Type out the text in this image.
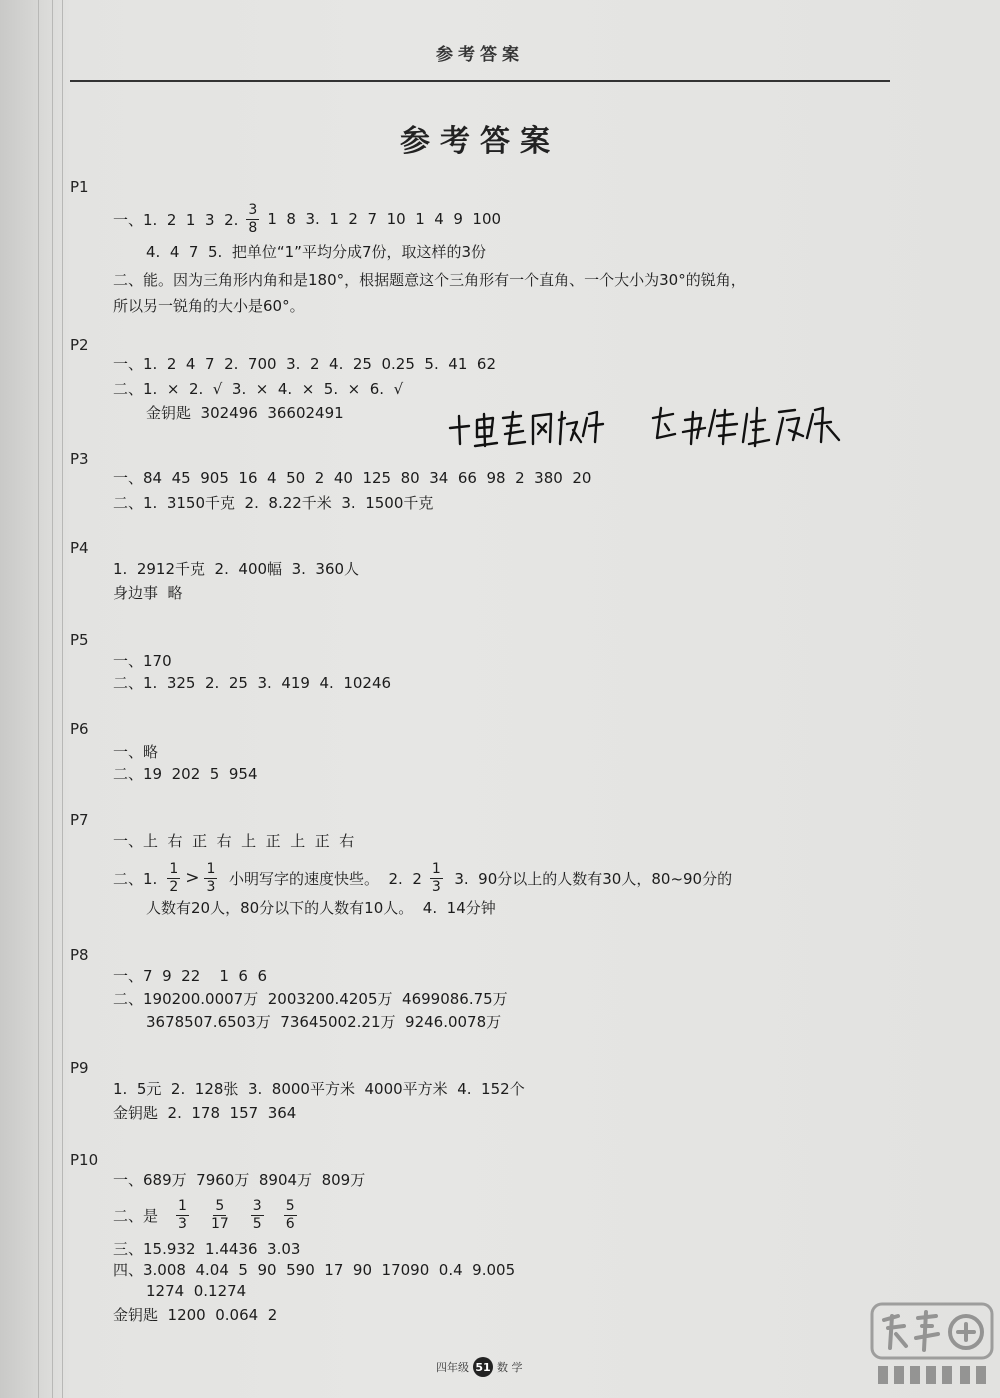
参考答案
参考答案
P1
一、1.  2  1  3  2. $\frac{3}{8} 1$  8  3.  1  2  7  10  1  4  9  100
4.  4  7  5.  把单位“1”平均分成7份，取这样的3份
二、能。因为三角形内角和是180°，根据题意这个三角形有一个直角、一个大小为30°的锐角，
所以另一锐角的大小是60°。
P2
一、1.  2  4  7  2.  700  3.  2  4.  25  0.25  5.  41  62
二、1.  ×  2.  √  3.  ×  4.  ×  5.  ×  6.  √
金钥匙  302496  36602491
P3
一、84  45  905  16  4  50  2  40  125  80  34  66  98  2  380  20
二、1.  3150千克  2.  8.22千米  3.  1500千克
P4
1.  2912千克  2.  400幅  3.  360人
身边事  略
P5
一、170
二、1.  325  2.  25  3.  419  4.  10246
P6
一、略
二、19  202  5  954
P7
一、上  右  正  右  上  正  上  正  右
二、1. $\frac{1}{2} > \frac{1}{3}$ 小明写字的速度快些。  2.  $2 \frac{1}{3} 3$.  90分以上的人数有30人，80~90分的
人数有20人，80分以下的人数有10人。  4.  14分钟
P8
一、7  9  22    1  6  6
二、190200.0007万  2003200.4205万  4699086.75万
3678507.6503万  73645002.21万  9246.0078万
P9
1.  5元  2.  128张  3.  8000平方米  4000平方米  4.  152个
金钥匙  2.  178  157  364
P10
一、689万  7960万  8904万  809万
二、是 $\frac{1}{3} \frac{5}{17} \frac{3}{5} \frac{5}{6}$
三、15.932  1.4436  3.03
四、3.008  4.04  5  90  590  17  90  17090  0.4  9.005
1274  0.1274
金钥匙  1200  0.064  2
四年级 51 数 学
